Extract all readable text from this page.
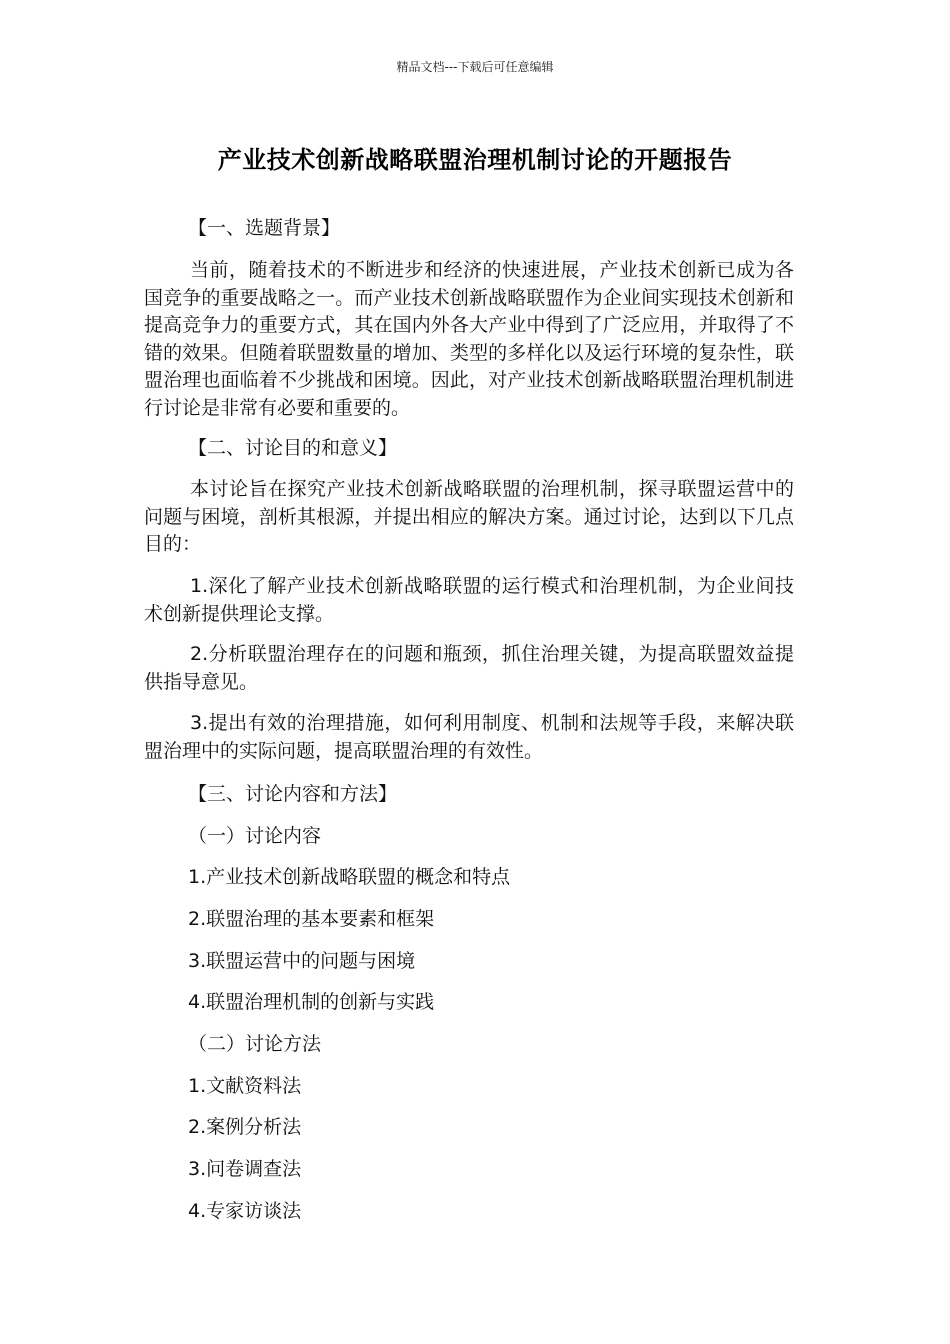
精品文档---下载后可任意编辑
产业技术创新战略联盟治理机制讨论的开题报告
【一、选题背景】
当前，随着技术的不断进步和经济的快速进展，产业技术创新已成为各国竞争的重要战略之一。而产业技术创新战略联盟作为企业间实现技术创新和提高竞争力的重要方式，其在国内外各大产业中得到了广泛应用，并取得了不错的效果。但随着联盟数量的增加、类型的多样化以及运行环境的复杂性，联盟治理也面临着不少挑战和困境。因此，对产业技术创新战略联盟治理机制进行讨论是非常有必要和重要的。
【二、讨论目的和意义】
本讨论旨在探究产业技术创新战略联盟的治理机制，探寻联盟运营中的问题与困境，剖析其根源，并提出相应的解决方案。通过讨论，达到以下几点目的：
1.深化了解产业技术创新战略联盟的运行模式和治理机制，为企业间技术创新提供理论支撑。
2.分析联盟治理存在的问题和瓶颈，抓住治理关键，为提高联盟效益提供指导意见。
3.提出有效的治理措施，如何利用制度、机制和法规等手段，来解决联盟治理中的实际问题，提高联盟治理的有效性。
【三、讨论内容和方法】
（一）讨论内容
1.产业技术创新战略联盟的概念和特点
2.联盟治理的基本要素和框架
3.联盟运营中的问题与困境
4.联盟治理机制的创新与实践
（二）讨论方法
1.文献资料法
2.案例分析法
3.问卷调查法
4.专家访谈法
